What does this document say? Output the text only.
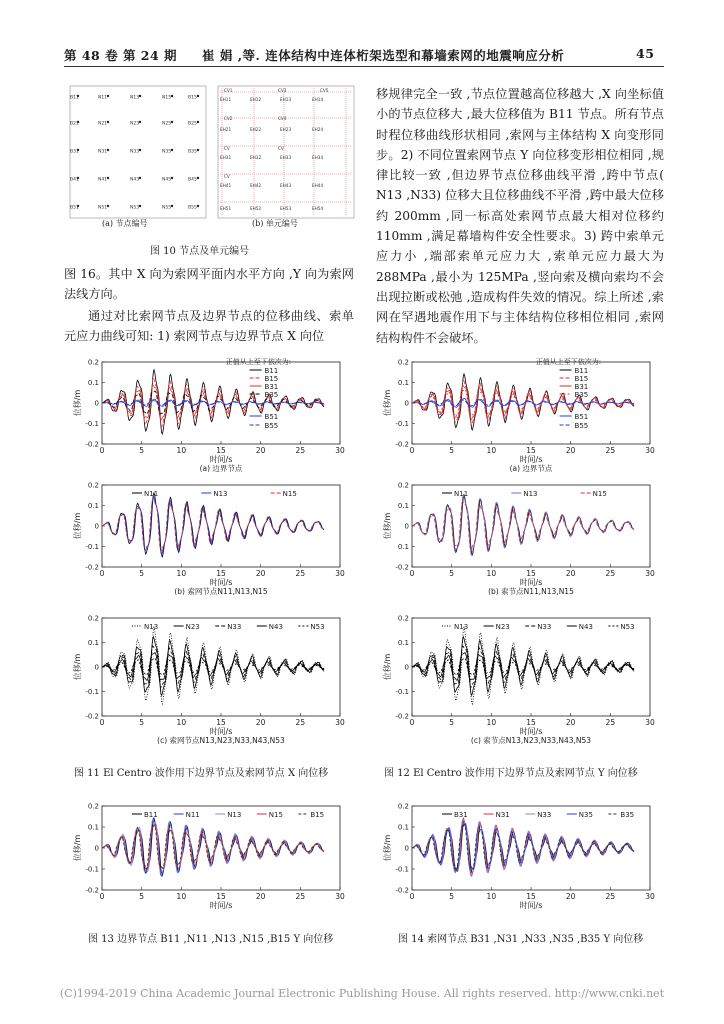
第 48 卷 第 24 期 崔 娟 ,等. 连体结构中连体桁架选型和幕墙索网的地震响应分析	45
B11	N11	N13	N15	B15
B21	N21	N23	N25	B25
B31	N31	N33	N35	B35
B41	N41	N43	N45	B45
B51	N51	N53	N55	B55
CV1	CV3	CV5
EH11	EH12	EH13	EH14
CV2	CV4
EH21	EH22	EH23	EH24
CV	CV
EH31	EH32	EH33	EH34
CV
EH41	EH42	EH43	EH44
EH51	EH52	EH53	EH54
(a) 节点编号	(b) 单元编号
图 10 节点及单元编号
图 16。其中 X 向为索网平面内水平方向 ,Y 向为索网法线方向。
通过对比索网节点及边界节点的位移曲线、索单元应力曲线可知: 1) 索网节点与边界节点 X 向位
移规律完全一致 ,节点位置越高位移越大 ,X 向坐标值小的节点位移大 ,最大位移值为 B11 节点。所有节点时程位移曲线形状相同 ,索网与主体结构 X 向变形同步。2) 不同位置索网节点 Y 向位移变形相位相同 ,规律比较一致 ,但边界节点位移曲线平滑 ,跨中节点( N13 ,N33) 位移大且位移曲线不平滑 ,跨中最大位移约 200mm ,同一标高处索网节点最大相对位移约 110mm ,满足幕墙构件安全性要求。3) 跨中索单元应力小 ,端部索单元应力大 ,索单元应力最大为 288MPa ,最小为 125MPa ,竖向索及横向索均不会出现拉断或松弛 ,造成构件失效的情况。综上所述 ,索网在罕遇地震作用下与主体结构位移相位相同 ,索网结构构件不会破坏。
0	5	10	15	20	25	30
-0.2
-0.1
0
0.1
0.2
位移/m
时间/s
(a) 边界节点
正值从上至下依次为:
B11
B15
B31
B35
B51
B55
0	5	10	15	20	25	30
-0.2
-0.1
0
0.1
0.2
位移/m
时间/s
(a) 边界节点
正值从上至下依次为:
B11
B15
B31
B35
B51
B55
0	5	10	15	20	25	30
-0.2
-0.1
0
0.1
0.2
位移/m
时间/s
(b) 索网节点N11,N13,N15
N11	N13	N15
0	5	10	15	20	25	30
-0.2
0.1
0
0.1
0.2
位移/m
时间/s
(b) 索节点N11,N13,N15
N11	N13	N15
0	5	10	15	20	25	30
-0.2
-0.1
0
0.1
0.2
位移/m
时间/s
(c) 索网节点N13,N23,N33,N43,N53
N13	N23	N33	N43	N53
0	5	10	15	20	25	30
-0.2
-0.1
0
0.1
0.2
位移/m
时间/s
(c) 索节点N13,N23,N33,N43,N53
N13	N23	N33	N43	N53
图 11 El Centro 波作用下边界节点及索网节点 X 向位移	图 12 El Centro 波作用下边界节点及索网节点 Y 向位移
0	5	10	15	20	25	30
-0.2
-0.1
0
0.1
0.2
位移/m
时间/s
B11	N11	N13	N15	B15
0	5	10	15	20	25	30
-0.2
-0.1
0
0.1
0.2
位移/m
时间/s
B31	N31	N33	N35	B35
图 13 边界节点 B11 ,N11 ,N13 ,N15 ,B15 Y 向位移	图 14 索网节点 B31 ,N31 ,N33 ,N35 ,B35 Y 向位移
(C)1994-2019 China Academic Journal Electronic Publishing House. All rights reserved. http://www.cnki.net
